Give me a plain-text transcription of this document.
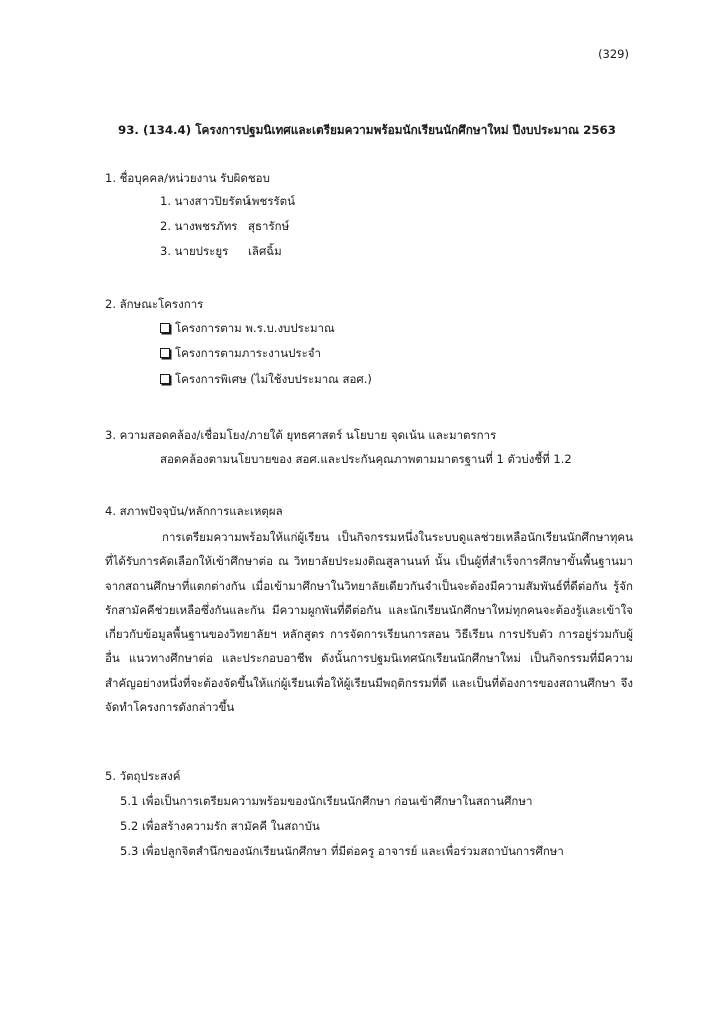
(329)
93. (134.4) โครงการปฐมนิเทศและเตรียมความพร้อมนักเรียนนักศึกษาใหม่ ปีงบประมาณ 2563
1. ชื่อบุคคล/หน่วยงาน รับผิดชอบ
1. นางสาวปิยรัตน์เพชรรัตน์
2. นางพชรภัทร สุธารักษ์
3. นายประยูร เลิศฉิ้ม
2. ลักษณะโครงการ
โครงการตาม พ.ร.บ.งบประมาณ
โครงการตามภาระงานประจำ
โครงการพิเศษ (ไม่ใช้งบประมาณ สอศ.)
3. ความสอดคล้อง/เชื่อมโยง/ภายใต้ ยุทธศาสตร์ นโยบาย จุดเน้น และมาตรการ
สอดคล้องตามนโยบายของ สอศ.และประกันคุณภาพตามมาตรฐานที่ 1 ตัวบ่งชี้ที่ 1.2
4. สภาพปัจจุบัน/หลักการและเหตุผล

การเตรียมความพร้อมให้แก่ผู้เรียน เป็นกิจกรรมหนึ่งในระบบดูแลช่วยเหลือนักเรียนนักศึกษาทุคนที่ได้รับการคัดเลือกให้เข้าศึกษาต่อ ณ วิทยาลัยประมงติณสูลานนท์ นั้น เป็นผู้ที่สำเร็จการศึกษาขั้นพื้นฐานมาจากสถานศึกษาที่แตกต่างกัน เมื่อเข้ามาศึกษาในวิทยาลัยเดียวกันจำเป็นจะต้องมีความสัมพันธ์ที่ดีต่อกัน รู้จักรักสามัคคีช่วยเหลือซึ่งกันและกัน มีความผูกพันที่ดีต่อกัน และนักเรียนนักศึกษาใหม่ทุกคนจะต้องรู้และเข้าใจเกี่ยวกับข้อมูลพื้นฐานของวิทยาลัยฯ หลักสูตร การจัดการเรียนการสอน วิธีเรียน การปรับตัว การอยู่ร่วมกับผู้อื่น แนวทางศึกษาต่อ และประกอบอาชีพ ดังนั้นการปฐมนิเทศนักเรียนนักศึกษาใหม่ เป็นกิจกรรมที่มีความสำคัญอย่างหนึ่งที่จะต้องจัดขึ้นให้แก่ผู้เรียนเพื่อให้ผู้เรียนมีพฤติกรรมที่ดี และเป็นที่ต้องการของสถานศึกษา จึงจัดทำโครงการดังกล่าวขึ้น

5. วัตถุประสงค์
5.1 เพื่อเป็นการเตรียมความพร้อมของนักเรียนนักศึกษา ก่อนเข้าศึกษาในสถานศึกษา
5.2 เพื่อสร้างความรัก สามัคคี ในสถาบัน
5.3 เพื่อปลูกจิตสำนึกของนักเรียนนักศึกษา ที่มีต่อครู อาจารย์ และเพื่อร่วมสถาบันการศึกษา
